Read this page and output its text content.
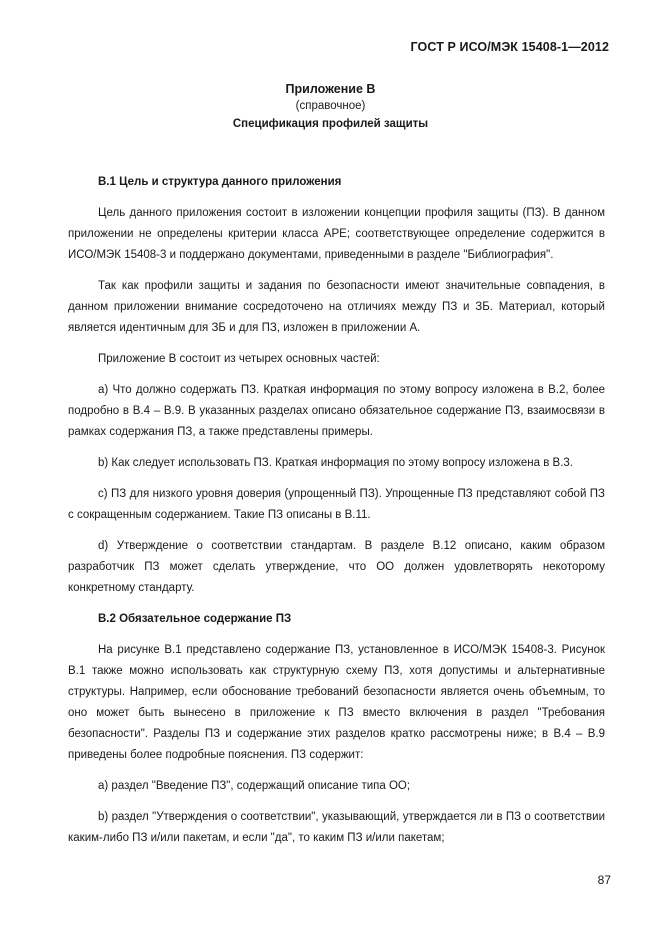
ГОСТ Р ИСО/МЭК 15408-1—2012
Приложение В
(справочное)
Спецификация профилей защиты
В.1 Цель и структура данного приложения

Цель данного приложения состоит в изложении концепции профиля защиты (ПЗ). В данном приложении не определены критерии класса АРЕ; соответствующее определение содержится в ИСО/МЭК 15408-3 и поддержано документами, приведенными в разделе "Библиография".

Так как профили защиты и задания по безопасности имеют значительные совпадения, в данном приложении внимание сосредоточено на отличиях между ПЗ и ЗБ. Материал, который является идентичным для ЗБ и для ПЗ, изложен в приложении А.

Приложение В состоит из четырех основных частей:

a) Что должно содержать ПЗ. Краткая информация по этому вопросу изложена в В.2, более подробно в В.4 – В.9. В указанных разделах описано обязательное содержание ПЗ, взаимосвязи в рамках содержания ПЗ, а также представлены примеры.

b) Как следует использовать ПЗ. Краткая информация по этому вопросу изложена в В.3.

c) ПЗ для низкого уровня доверия (упрощенный ПЗ). Упрощенные ПЗ представляют собой ПЗ с сокращенным содержанием. Такие ПЗ описаны в В.11.

d) Утверждение о соответствии стандартам. В разделе В.12 описано, каким образом разработчик ПЗ может сделать утверждение, что ОО должен удовлетворять некоторому конкретному стандарту.

В.2 Обязательное содержание ПЗ

На рисунке В.1 представлено содержание ПЗ, установленное в ИСО/МЭК 15408-3. Рисунок В.1 также можно использовать как структурную схему ПЗ, хотя допустимы и альтернативные структуры. Например, если обоснование требований безопасности является очень объемным, то оно может быть вынесено в приложение к ПЗ вместо включения в раздел "Требования безопасности". Разделы ПЗ и содержание этих разделов кратко рассмотрены ниже; в В.4 – В.9 приведены более подробные пояснения. ПЗ содержит:

a) раздел "Введение ПЗ", содержащий описание типа ОО;

b) раздел "Утверждения о соответствии", указывающий, утверждается ли в ПЗ о соответствии каким-либо ПЗ и/или пакетам, и если "да", то каким ПЗ и/или пакетам;

87
